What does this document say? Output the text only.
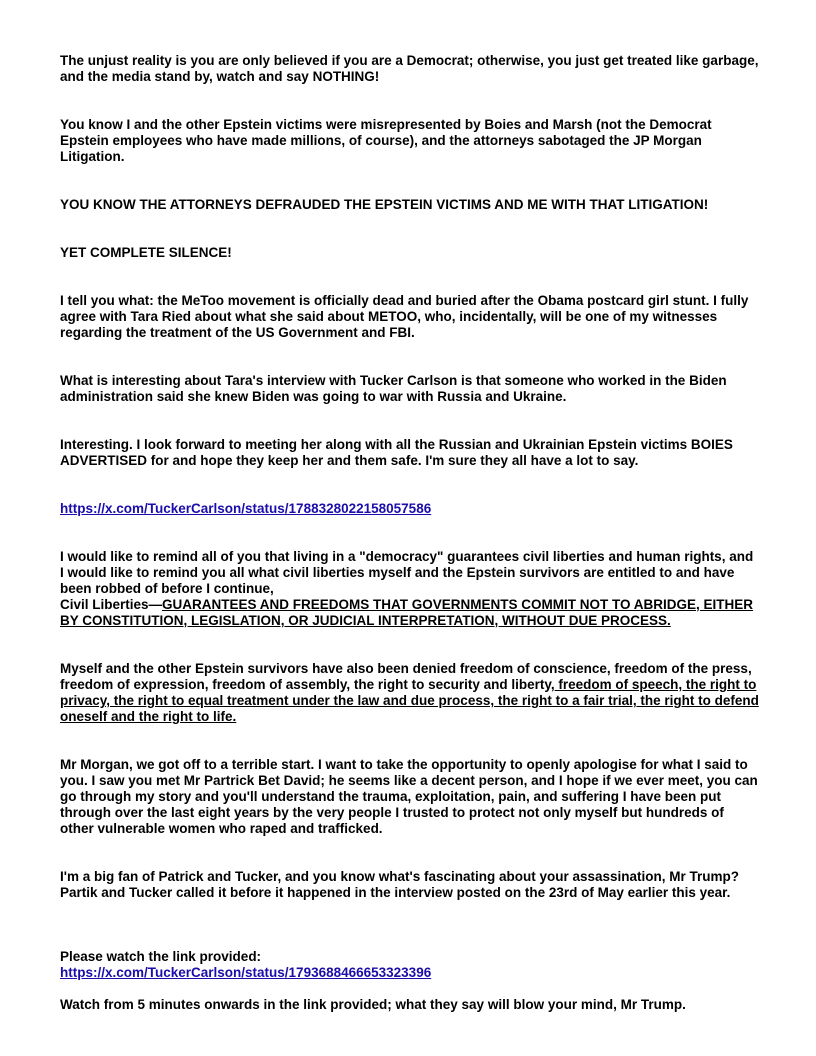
The unjust reality is you are only believed if you are a Democrat; otherwise, you just get treated like garbage, and the media stand by, watch and say NOTHING!

You know I and the other Epstein victims were misrepresented by Boies and Marsh (not the Democrat Epstein employees who have made millions, of course), and the attorneys sabotaged the JP Morgan Litigation.

YOU KNOW THE ATTORNEYS DEFRAUDED THE EPSTEIN VICTIMS AND ME WITH THAT LITIGATION!

YET COMPLETE SILENCE!

I tell you what: the MeToo movement is officially dead and buried after the Obama postcard girl stunt. I fully agree with Tara Ried about what she said about METOO, who, incidentally, will be one of my witnesses regarding the treatment of the US Government and FBI.

What is interesting about Tara's interview with Tucker Carlson is that someone who worked in the Biden administration said she knew Biden was going to war with Russia and Ukraine.

Interesting. I look forward to meeting her along with all the Russian and Ukrainian Epstein victims BOIES ADVERTISED for and hope they keep her and them safe. I'm sure they all have a lot to say.

https://x.com/TuckerCarlson/status/1788328022158057586

I would like to remind all of you that living in a "democracy" guarantees civil liberties and human rights, and I would like to remind you all what civil liberties myself and the Epstein survivors are entitled to and have been robbed of before I continue,
Civil Liberties—GUARANTEES AND FREEDOMS THAT GOVERNMENTS COMMIT NOT TO ABRIDGE, EITHER BY CONSTITUTION, LEGISLATION, OR JUDICIAL INTERPRETATION, WITHOUT DUE PROCESS.

Myself and the other Epstein survivors have also been denied freedom of conscience, freedom of the press, freedom of expression, freedom of assembly, the right to security and liberty, freedom of speech, the right to privacy, the right to equal treatment under the law and due process, the right to a fair trial, the right to defend oneself and the right to life.

Mr Morgan, we got off to a terrible start. I want to take the opportunity to openly apologise for what I said to you. I saw you met Mr Partrick Bet David; he seems like a decent person, and I hope if we ever meet, you can go through my story and you'll understand the trauma, exploitation, pain, and suffering I have been put through over the last eight years by the very people I trusted to protect not only myself but hundreds of other vulnerable women who raped and trafficked.

I'm a big fan of Patrick and Tucker, and you know what's fascinating about your assassination, Mr Trump? Partik and Tucker called it before it happened in the interview posted on the 23rd of May earlier this year.

Please watch the link provided:
https://x.com/TuckerCarlson/status/1793688466653323396

Watch from 5 minutes onwards in the link provided; what they say will blow your mind, Mr Trump.
